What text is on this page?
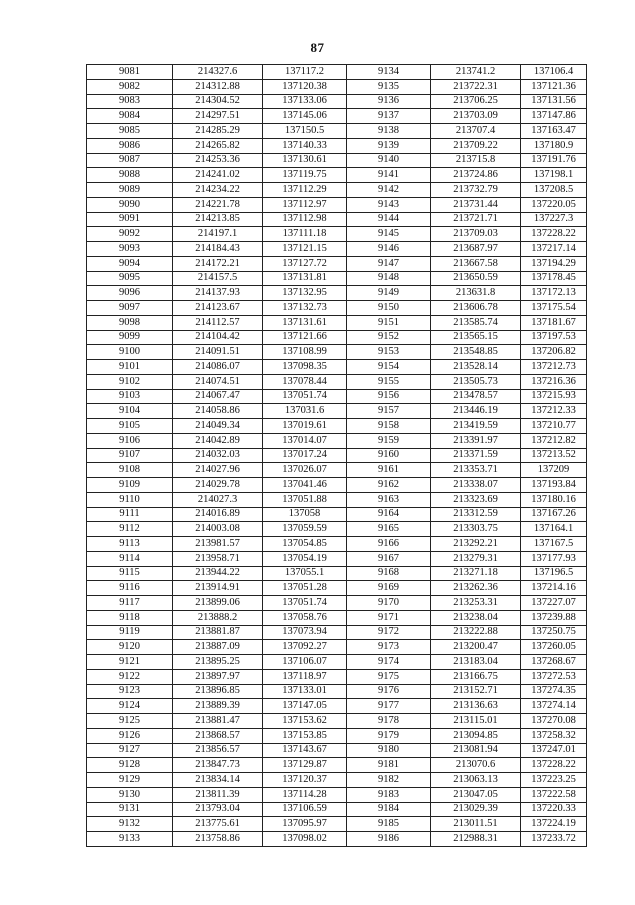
87
9081	214327.6	137117.2	9134	213741.2	137106.4
9082	214312.88	137120.38	9135	213722.31	137121.36
9083	214304.52	137133.06	9136	213706.25	137131.56
9084	214297.51	137145.06	9137	213703.09	137147.86
9085	214285.29	137150.5	9138	213707.4	137163.47
9086	214265.82	137140.33	9139	213709.22	137180.9
9087	214253.36	137130.61	9140	213715.8	137191.76
9088	214241.02	137119.75	9141	213724.86	137198.1
9089	214234.22	137112.29	9142	213732.79	137208.5
9090	214221.78	137112.97	9143	213731.44	137220.05
9091	214213.85	137112.98	9144	213721.71	137227.3
9092	214197.1	137111.18	9145	213709.03	137228.22
9093	214184.43	137121.15	9146	213687.97	137217.14
9094	214172.21	137127.72	9147	213667.58	137194.29
9095	214157.5	137131.81	9148	213650.59	137178.45
9096	214137.93	137132.95	9149	213631.8	137172.13
9097	214123.67	137132.73	9150	213606.78	137175.54
9098	214112.57	137131.61	9151	213585.74	137181.67
9099	214104.42	137121.66	9152	213565.15	137197.53
9100	214091.51	137108.99	9153	213548.85	137206.82
9101	214086.07	137098.35	9154	213528.14	137212.73
9102	214074.51	137078.44	9155	213505.73	137216.36
9103	214067.47	137051.74	9156	213478.57	137215.93
9104	214058.86	137031.6	9157	213446.19	137212.33
9105	214049.34	137019.61	9158	213419.59	137210.77
9106	214042.89	137014.07	9159	213391.97	137212.82
9107	214032.03	137017.24	9160	213371.59	137213.52
9108	214027.96	137026.07	9161	213353.71	137209
9109	214029.78	137041.46	9162	213338.07	137193.84
9110	214027.3	137051.88	9163	213323.69	137180.16
9111	214016.89	137058	9164	213312.59	137167.26
9112	214003.08	137059.59	9165	213303.75	137164.1
9113	213981.57	137054.85	9166	213292.21	137167.5
9114	213958.71	137054.19	9167	213279.31	137177.93
9115	213944.22	137055.1	9168	213271.18	137196.5
9116	213914.91	137051.28	9169	213262.36	137214.16
9117	213899.06	137051.74	9170	213253.31	137227.07
9118	213888.2	137058.76	9171	213238.04	137239.88
9119	213881.87	137073.94	9172	213222.88	137250.75
9120	213887.09	137092.27	9173	213200.47	137260.05
9121	213895.25	137106.07	9174	213183.04	137268.67
9122	213897.97	137118.97	9175	213166.75	137272.53
9123	213896.85	137133.01	9176	213152.71	137274.35
9124	213889.39	137147.05	9177	213136.63	137274.14
9125	213881.47	137153.62	9178	213115.01	137270.08
9126	213868.57	137153.85	9179	213094.85	137258.32
9127	213856.57	137143.67	9180	213081.94	137247.01
9128	213847.73	137129.87	9181	213070.6	137228.22
9129	213834.14	137120.37	9182	213063.13	137223.25
9130	213811.39	137114.28	9183	213047.05	137222.58
9131	213793.04	137106.59	9184	213029.39	137220.33
9132	213775.61	137095.97	9185	213011.51	137224.19
9133	213758.86	137098.02	9186	212988.31	137233.72
